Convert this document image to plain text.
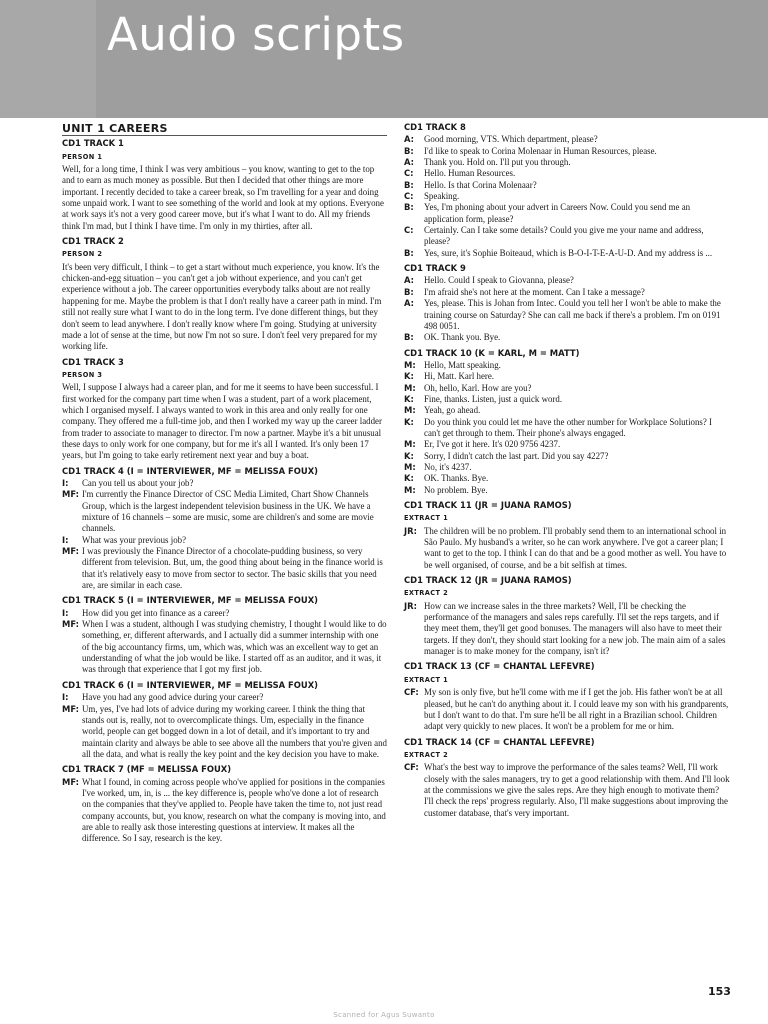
Audio scripts
UNIT 1 CAREERS
CD1 TRACK 1
PERSON 1

Well, for a long time, I think I was very ambitious – you know, wanting to get to the top and to earn as much money as possible. But then I decided that other things are more important. I recently decided to take a career break, so I'm travelling for a year and doing some unpaid work. I want to see something of the world and look at my options. Everyone at work says it's not a very good career move, but it's what I want to do. All my friends think I'm mad, but I think I have time. I'm only in my thirties, after all.

CD1 TRACK 2
PERSON 2

It's been very difficult, I think – to get a start without much experience, you know. It's the chicken-and-egg situation – you can't get a job without experience, and you can't get experience without a job. The career opportunities everybody talks about are not really happening for me. Maybe the problem is that I don't really have a career path in mind. I'm still not really sure what I want to do in the long term. I've done different things, but they don't seem to lead anywhere. I don't really know where I'm going. Studying at university made a lot of sense at the time, but now I'm not so sure. I don't feel very prepared for my working life.

CD1 TRACK 3
PERSON 3

Well, I suppose I always had a career plan, and for me it seems to have been successful. I first worked for the company part time when I was a student, part of a work placement, which I organised myself. I always wanted to work in this area and only really for one company. They offered me a full-time job, and then I worked my way up the career ladder from trader to associate to manager to director. I'm now a partner. Maybe it's a bit unusual these days to only work for one company, but for me it's all I wanted. It's only been 17 years, but I'm going to take early retirement next year and buy a boat.

CD1 TRACK 4 (I = INTERVIEWER, MF = MELISSA FOUX)
I: Can you tell us about your job?
MF: I'm currently the Finance Director of CSC Media Limited, Chart Show Channels Group, which is the largest independent television business in the UK. We have a mixture of 16 channels – some are music, some are children's and some are movie channels.
I: What was your previous job?
MF: I was previously the Finance Director of a chocolate-pudding business, so very different from television. But, um, the good thing about being in the finance world is that it's relatively easy to move from sector to sector. The basic skills that you need are, are similar in each case.
CD1 TRACK 5 (I = INTERVIEWER, MF = MELISSA FOUX)
I: How did you get into finance as a career?
MF: When I was a student, although I was studying chemistry, I thought I would like to do something, er, different afterwards, and I actually did a summer internship with one of the big accountancy firms, um, which was, which was an excellent way to get an understanding of what the job would be like. I started off as an auditor, and it was, it was through that experience that I got my first job.
CD1 TRACK 6 (I = INTERVIEWER, MF = MELISSA FOUX)
I: Have you had any good advice during your career?
MF: Um, yes, I've had lots of advice during my working career. I think the thing that stands out is, really, not to overcomplicate things. Um, especially in the finance world, people can get bogged down in a lot of detail, and it's important to try and maintain clarity and always be able to see above all the numbers that you're given and all the data, and what is really the key point and the key decision you have to make.
CD1 TRACK 7 (MF = MELISSA FOUX)
MF: What I found, in coming across people who've applied for positions in the companies I've worked, um, in, is ... the key difference is, people who've done a lot of research on the companies that they've applied to. People have taken the time to, not just read company accounts, but, you know, research on what the company is moving into, and are able to really ask those interesting questions at interview. It makes all the difference. So I say, research is the key.
CD1 TRACK 8
A: Good morning, VTS. Which department, please?
B: I'd like to speak to Corina Molenaar in Human Resources, please.
A: Thank you. Hold on. I'll put you through.
C: Hello. Human Resources.
B: Hello. Is that Corina Molenaar?
C: Speaking.
B: Yes, I'm phoning about your advert in Careers Now. Could you send me an application form, please?
C: Certainly. Can I take some details? Could you give me your name and address, please?
B: Yes, sure, it's Sophie Boiteaud, which is B-O-I-T-E-A-U-D. And my address is ...
CD1 TRACK 9
A: Hello. Could I speak to Giovanna, please?
B: I'm afraid she's not here at the moment. Can I take a message?
A: Yes, please. This is Johan from Intec. Could you tell her I won't be able to make the training course on Saturday? She can call me back if there's a problem. I'm on 0191 498 0051.
B: OK. Thank you. Bye.
CD1 TRACK 10 (K = KARL, M = MATT)
M: Hello, Matt speaking.
K: Hi, Matt. Karl here.
M: Oh, hello, Karl. How are you?
K: Fine, thanks. Listen, just a quick word.
M: Yeah, go ahead.
K: Do you think you could let me have the other number for Workplace Solutions? I can't get through to them. Their phone's always engaged.
M: Er, I've got it here. It's 020 9756 4237.
K: Sorry, I didn't catch the last part. Did you say 4227?
M: No, it's 4237.
K: OK. Thanks. Bye.
M: No problem. Bye.
CD1 TRACK 11 (JR = JUANA RAMOS)
EXTRACT 1
JR: The children will be no problem. I'll probably send them to an international school in São Paulo. My husband's a writer, so he can work anywhere. I've got a career plan; I want to get to the top. I think I can do that and be a good mother as well. You have to be well organised, of course, and be a bit selfish at times.
CD1 TRACK 12 (JR = JUANA RAMOS)
EXTRACT 2
JR: How can we increase sales in the three markets? Well, I'll be checking the performance of the managers and sales reps carefully. I'll set the reps targets, and if they meet them, they'll get good bonuses. The managers will also have to meet their targets. If they don't, they should start looking for a new job. The main aim of a sales manager is to make money for the company, isn't it?
CD1 TRACK 13 (CF = CHANTAL LEFEVRE)
EXTRACT 1
CF: My son is only five, but he'll come with me if I get the job. His father won't be at all pleased, but he can't do anything about it. I could leave my son with his grandparents, but I don't want to do that. I'm sure he'll be all right in a Brazilian school. Children adapt very quickly to new places. It won't be a problem for me or him.
CD1 TRACK 14 (CF = CHANTAL LEFEVRE)
EXTRACT 2
CF: What's the best way to improve the performance of the sales teams? Well, I'll work closely with the sales managers, try to get a good relationship with them. And I'll look at the commissions we give the sales reps. Are they high enough to motivate them? I'll check the reps' progress regularly. Also, I'll make suggestions about improving the customer database, that's very important.
153
Scanned for Agus Suwanto
